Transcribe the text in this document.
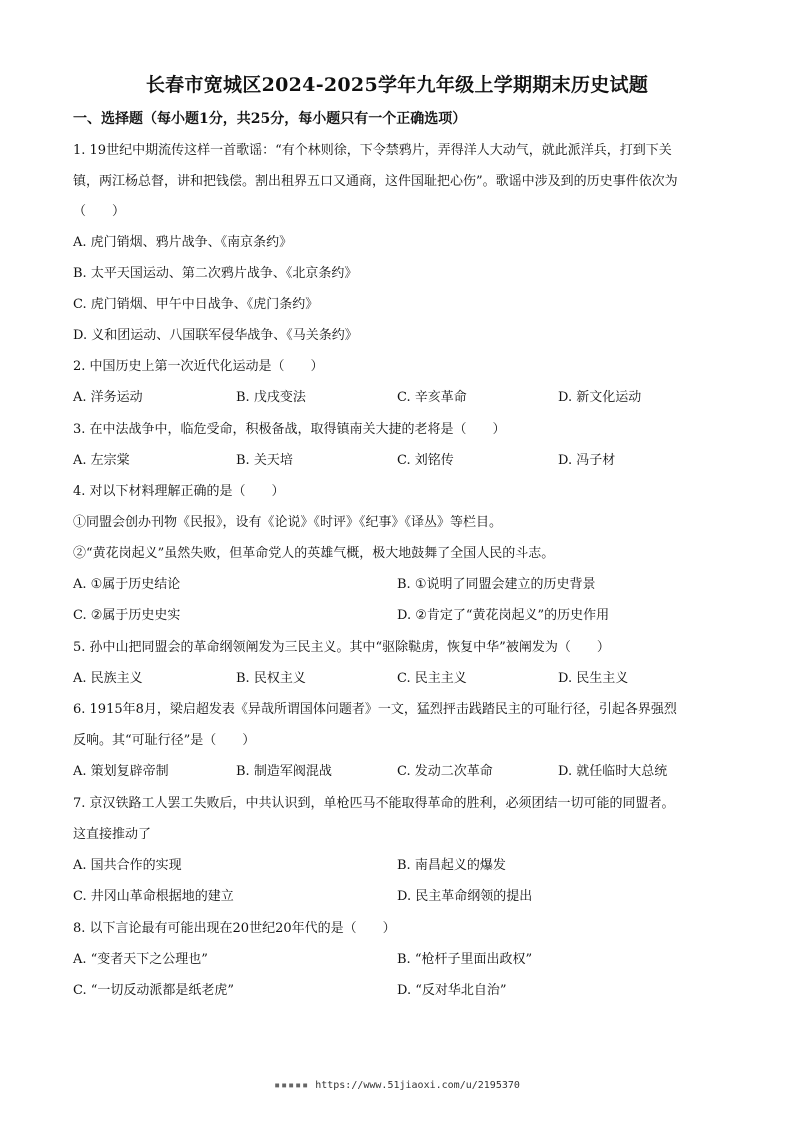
长春市宽城区2024-2025学年九年级上学期期末历史试题
一、选择题（每小题1分，共25分，每小题只有一个正确选项）
1. 19世纪中期流传这样一首歌谣：“有个林则徐，下令禁鸦片，弄得洋人大动气，就此派洋兵，打到下关
镇，两江杨总督，讲和把钱偿。割出租界五口又通商，这件国耻把心伤”。歌谣中涉及到的历史事件依次为
（　　）
A. 虎门销烟、鸦片战争、《南京条约》
B. 太平天国运动、第二次鸦片战争、《北京条约》
C. 虎门销烟、甲午中日战争、《虎门条约》
D. 义和团运动、八国联军侵华战争、《马关条约》
2. 中国历史上第一次近代化运动是（　　）
A. 洋务运动	B. 戊戌变法	C. 辛亥革命	D. 新文化运动
3. 在中法战争中，临危受命，积极备战，取得镇南关大捷的老将是（　　）
A. 左宗棠	B. 关天培	C. 刘铭传	D. 冯子材
4. 对以下材料理解正确的是（　　）
①同盟会创办刊物《民报》，设有《论说》《时评》《纪事》《译丛》等栏目。
②“黄花岗起义”虽然失败，但革命党人的英雄气概，极大地鼓舞了全国人民的斗志。
A. ①属于历史结论	B. ①说明了同盟会建立的历史背景
C. ②属于历史史实	D. ②肯定了“黄花岗起义”的历史作用
5. 孙中山把同盟会的革命纲领阐发为三民主义。其中“驱除鞑虏，恢复中华”被阐发为（　　）
A. 民族主义	B. 民权主义	C. 民主主义	D. 民生主义
6. 1915年8月，梁启超发表《异哉所谓国体问题者》一文，猛烈抨击践踏民主的可耻行径，引起各界强烈
反响。其“可耻行径”是（　　）
A. 策划复辟帝制	B. 制造军阀混战	C. 发动二次革命	D. 就任临时大总统
7. 京汉铁路工人罢工失败后，中共认识到，单枪匹马不能取得革命的胜利，必须团结一切可能的同盟者。
这直接推动了
A. 国共合作的实现	B. 南昌起义的爆发
C. 井冈山革命根据地的建立	D. 民主革命纲领的提出
8. 以下言论最有可能出现在20世纪20年代的是（　　）
A. “变者天下之公理也”	B. “枪杆子里面出政权”
C. “一切反动派都是纸老虎”	D. “反对华北自治”
▪▪▪▪▪ https://www.51jiaoxi.com/u/2195370
